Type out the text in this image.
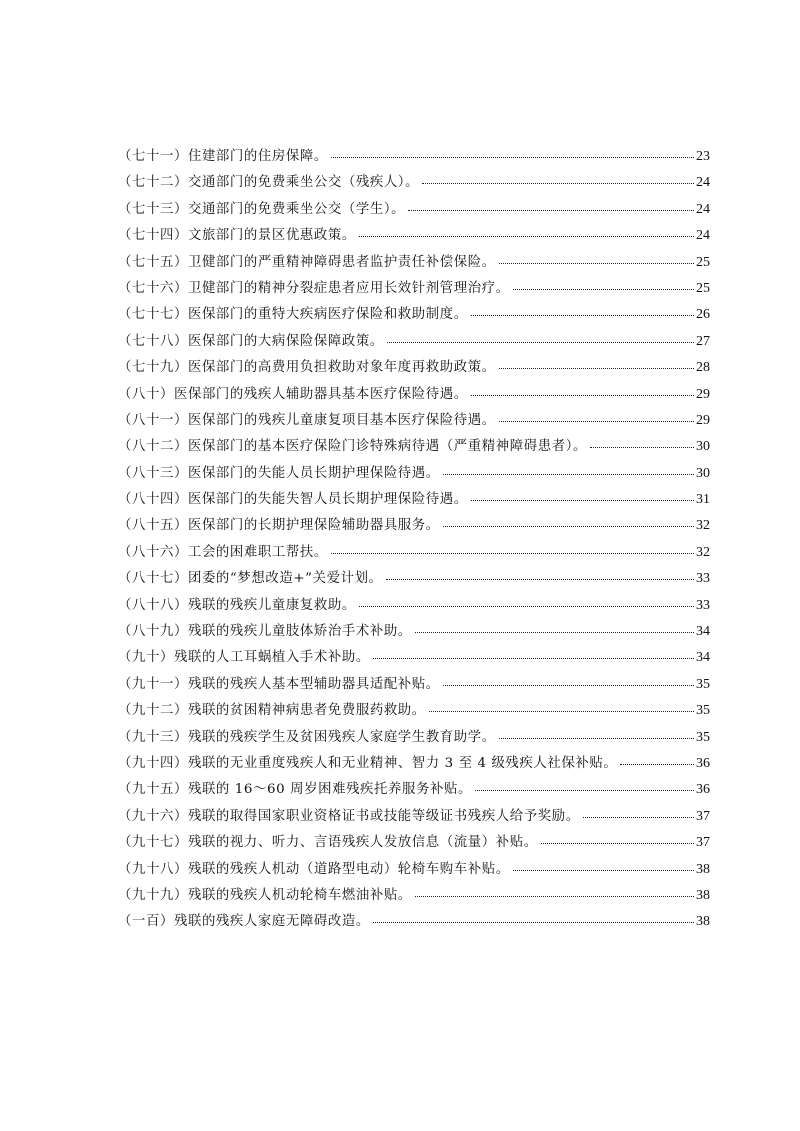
（七十一）住建部门的住房保障。	23
（七十二）交通部门的免费乘坐公交（残疾人）。	24
（七十三）交通部门的免费乘坐公交（学生）。	24
（七十四）文旅部门的景区优惠政策。	24
（七十五）卫健部门的严重精神障碍患者监护责任补偿保险。	25
（七十六）卫健部门的精神分裂症患者应用长效针剂管理治疗。	25
（七十七）医保部门的重特大疾病医疗保险和救助制度。	26
（七十八）医保部门的大病保险保障政策。	27
（七十九）医保部门的高费用负担救助对象年度再救助政策。	28
（八十）医保部门的残疾人辅助器具基本医疗保险待遇。	29
（八十一）医保部门的残疾儿童康复项目基本医疗保险待遇。	29
（八十二）医保部门的基本医疗保险门诊特殊病待遇（严重精神障碍患者）。	30
（八十三）医保部门的失能人员长期护理保险待遇。	30
（八十四）医保部门的失能失智人员长期护理保险待遇。	31
（八十五）医保部门的长期护理保险辅助器具服务。	32
（八十六）工会的困难职工帮扶。	32
（八十七）团委的“梦想改造+”关爱计划。	33
（八十八）残联的残疾儿童康复救助。	33
（八十九）残联的残疾儿童肢体矫治手术补助。	34
（九十）残联的人工耳蜗植入手术补助。	34
（九十一）残联的残疾人基本型辅助器具适配补贴。	35
（九十二）残联的贫困精神病患者免费服药救助。	35
（九十三）残联的残疾学生及贫困残疾人家庭学生教育助学。	35
（九十四）残联的无业重度残疾人和无业精神、智力 3 至 4 级残疾人社保补贴。	36
（九十五）残联的 16～60 周岁困难残疾托养服务补贴。	36
（九十六）残联的取得国家职业资格证书或技能等级证书残疾人给予奖励。	37
（九十七）残联的视力、听力、言语残疾人发放信息（流量）补贴。	37
（九十八）残联的残疾人机动（道路型电动）轮椅车购车补贴。	38
（九十九）残联的残疾人机动轮椅车燃油补贴。	38
（一百）残联的残疾人家庭无障碍改造。	38
